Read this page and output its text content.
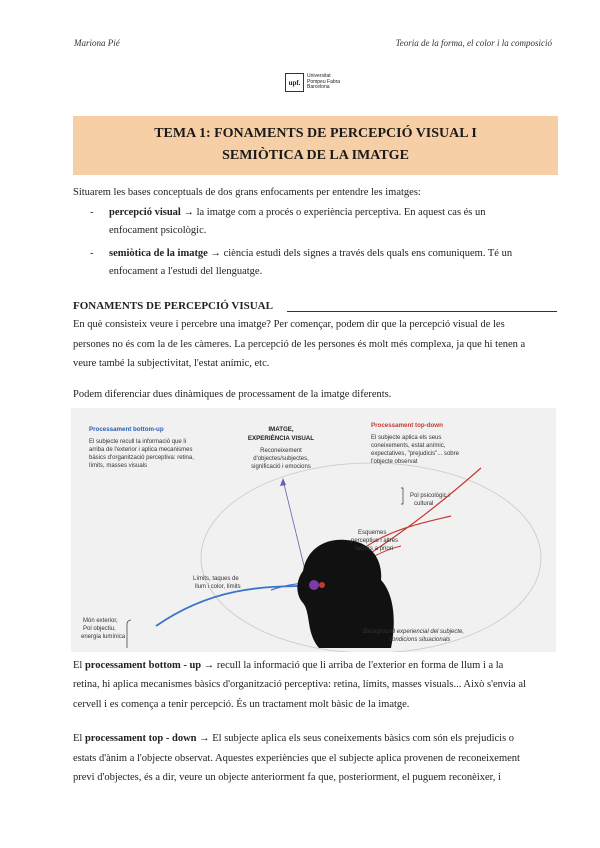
Mariona Pié	Teoria de la forma, el color i la composició
upf.
Universitat
Pompeu Fabra
Barcelona
TEMA 1: FONAMENTS DE PERCEPCIÓ VISUAL I
SEMIÒTICA DE LA IMATGE
Situarem les bases conceptuals de dos grans enfocaments per entendre les imatges:
- percepció visual → la imatge com a procés o experiència perceptiva. En aquest cas és un
enfocament psicològic.
- semiòtica de la imatge → ciència estudi dels signes a través dels quals ens comuniquem. Té un
enfocament a l'estudi del llenguatge.
FONAMENTS DE PERCEPCIÓ VISUAL
En què consisteix veure i percebre una imatge? Per començar, podem dir que la percepció visual de les
persones no és com la de les càmeres. La percepció de les persones és molt més complexa, ja que hi tenen a
veure també la subjectivitat, l'estat anímic, etc.
Podem diferenciar dues dinàmiques de processament de la imatge diferents.
Processament bottom-up
El subjecte recull la informació que li
arriba de l'exterior i aplica mecanismes
bàsics d'organització perceptiva: retina,
límits, masses visuals
IMATGE,
EXPERIÈNCIA VISUAL
Reconeixement
d'objectes/subjectes,
significació i emocions
Processament top-down
El subjecte aplica els seus
coneixements, estat anímic,
expectatives, "prejudicis"... sobre
l'objecte observat
Pol psicològic i
cultural
Esquemes
perceptius i altres
factors a priori
Límits, taques de
llum i color, límits
Món exterior,
Pol objectiu,
energia lumínica
Background experiencial del subjecte,
condicions situacionals
El processament bottom - up → recull la informació que li arriba de l'exterior en forma de llum i a la
retina, hi aplica mecanismes bàsics d'organització perceptiva: retina, límits, masses visuals... Això s'envia al
cervell i es comença a tenir percepció. És un tractament molt bàsic de la imatge.
El processament top - down → El subjecte aplica els seus coneixements bàsics com són els prejudicis o
estats d'ànim a l'objecte observat. Aquestes experiències que el subjecte aplica provenen de reconeixement
previ d'objectes, és a dir, veure un objecte anteriorment fa que, posteriorment, el puguem reconèixer, i
